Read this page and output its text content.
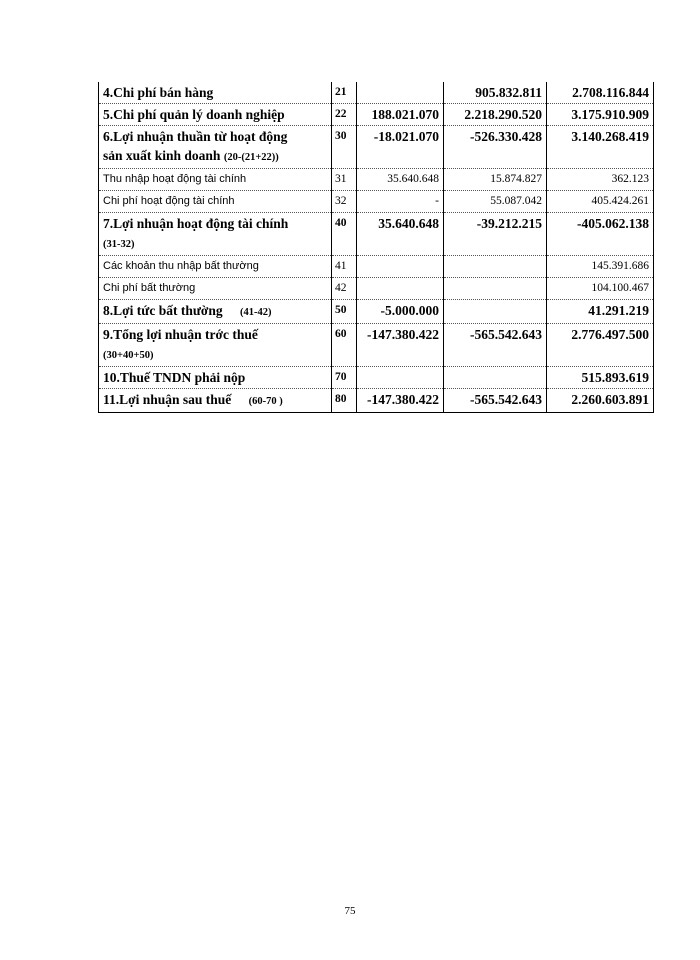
4.Chi phí bán hàng	21		905.832.811	2.708.116.844
5.Chi phí quản lý doanh nghiệp	22	188.021.070	2.218.290.520	3.175.910.909
6.Lợi nhuận thuần từ hoạt động
sản xuất kinh doanh (20-(21+22))	30	-18.021.070	-526.330.428	3.140.268.419
Thu nhập hoạt động tài chính	31	35.640.648	15.874.827	362.123
Chi phí hoạt động tài chính	32	-	55.087.042	405.424.261
7.Lợi nhuận hoạt động tài chính
(31-32)	40	35.640.648	-39.212.215	-405.062.138
Các khoản thu nhập bất thường	41			145.391.686
Chi phí bất thường	42			104.100.467
8.Lợi tức bất thường (41-42)	50	-5.000.000		41.291.219
9.Tổng lợi nhuận trớc thuế
(30+40+50)	60	-147.380.422	-565.542.643	2.776.497.500
10.Thuế TNDN phải nộp	70			515.893.619
11.Lợi nhuận sau thuế (60-70 )	80	-147.380.422	-565.542.643	2.260.603.891
75
